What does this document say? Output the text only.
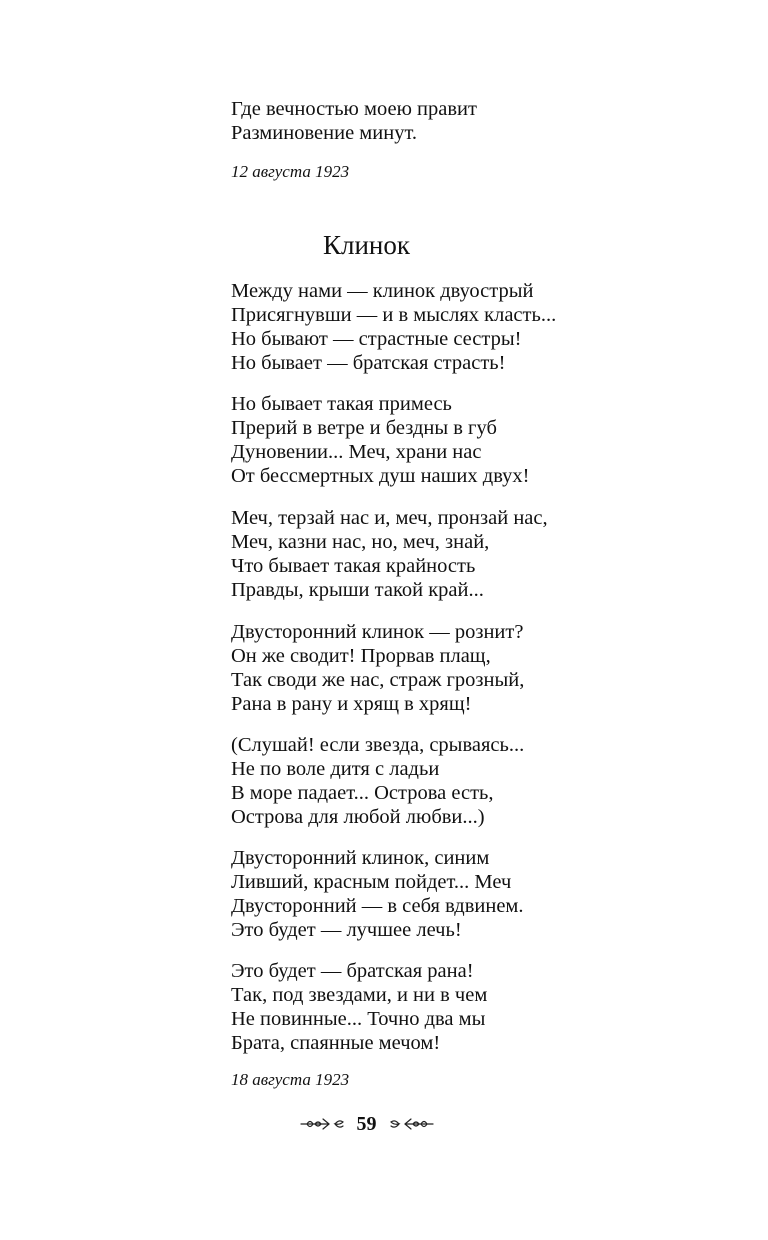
Где вечностью моею правит
Разминовение минут.
12 августа 1923
Клинок
Между нами — клинок двуострый
Присягнувши — и в мыслях класть...
Но бывают — страстные сестры!
Но бывает — братская страсть!
Но бывает такая примесь
Прерий в ветре и бездны в губ
Дуновении... Меч, храни нас
От бессмертных душ наших двух!
Меч, терзай нас и, меч, пронзай нас,
Меч, казни нас, но, меч, знай,
Что бывает такая крайность
Правды, крыши такой край...
Двусторонний клинок — рознит?
Он же сводит! Прорвав плащ,
Так своди же нас, страж грозный,
Рана в рану и хрящ в хрящ!
(Слушай! если звезда, срываясь...
Не по воле дитя с ладьи
В море падает... Острова есть,
Острова для любой любви...)
Двусторонний клинок, синим
Ливший, красным пойдет... Меч
Двусторонний — в себя вдвинем.
Это будет — лучшее лечь!
Это будет — братская рана!
Так, под звездами, и ни в чем
Не повинные... Точно два мы
Брата, спаянные мечом!
18 августа 1923
59
